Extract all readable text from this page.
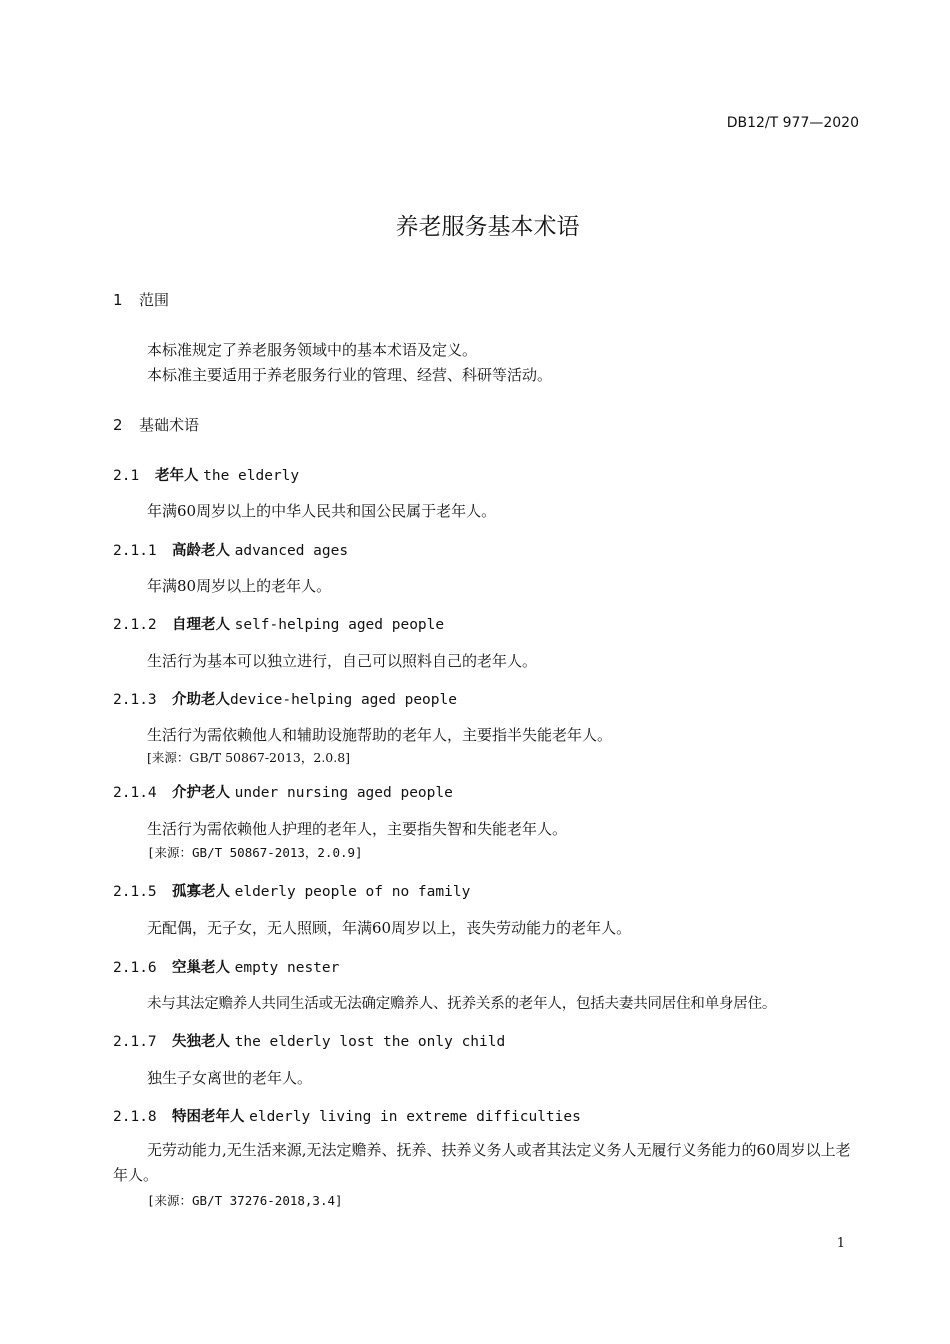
DB12/T 977—2020
养老服务基本术语
1 范围
本标准规定了养老服务领域中的基本术语及定义。
本标准主要适用于养老服务行业的管理、经营、科研等活动。
2 基础术语
2.1 老年人 the elderly
年满60周岁以上的中华人民共和国公民属于老年人。
2.1.1 高龄老人 advanced ages
年满80周岁以上的老年人。
2.1.2 自理老人 self-helping aged people
生活行为基本可以独立进行，自己可以照料自己的老年人。
2.1.3 介助老人device-helping aged people
生活行为需依赖他人和辅助设施帮助的老年人，主要指半失能老年人。
[来源：GB/T 50867-2013，2.0.8]
2.1.4 介护老人 under nursing aged people
生活行为需依赖他人护理的老年人，主要指失智和失能老年人。
[来源：GB/T 50867-2013，2.0.9]
2.1.5 孤寡老人 elderly people of no family
无配偶，无子女，无人照顾，年满60周岁以上，丧失劳动能力的老年人。
2.1.6 空巢老人 empty nester
未与其法定赡养人共同生活或无法确定赡养人、抚养关系的老年人，包括夫妻共同居住和单身居住。
2.1.7 失独老人 the elderly lost the only child
独生子女离世的老年人。
2.1.8 特困老年人 elderly living in extreme difficulties
无劳动能力,无生活来源,无法定赡养、抚养、扶养义务人或者其法定义务人无履行义务能力的60周岁以上老年人。
[来源：GB/T 37276-2018,3.4]
1
